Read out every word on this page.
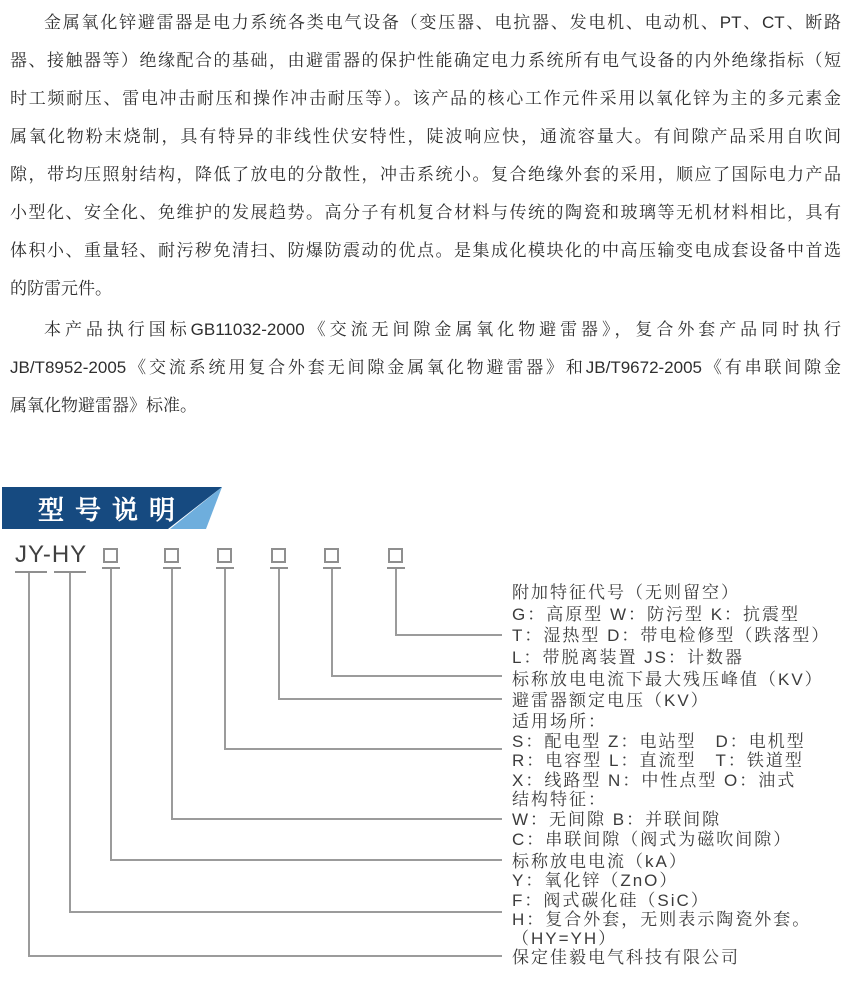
金属氧化锌避雷器是电力系统各类电气设备（变压器、电抗器、发电机、电动机、PT、CT、断路
器、接触器等）绝缘配合的基础，由避雷器的保护性能确定电力系统所有电气设备的内外绝缘指标（短
时工频耐压、雷电冲击耐压和操作冲击耐压等）。该产品的核心工作元件采用以氧化锌为主的多元素金
属氧化物粉末烧制，具有特异的非线性伏安特性，陡波响应快，通流容量大。有间隙产品采用自吹间
隙，带均压照射结构，降低了放电的分散性，冲击系统小。复合绝缘外套的采用，顺应了国际电力产品
小型化、安全化、免维护的发展趋势。高分子有机复合材料与传统的陶瓷和玻璃等无机材料相比，具有
体积小、重量轻、耐污秽免清扫、防爆防震动的优点。是集成化模块化的中高压输变电成套设备中首选
的防雷元件。
本产品执行国标GB11032-2000《交流无间隙金属氧化物避雷器》，复合外套产品同时执行
JB/T8952-2005《交流系统用复合外套无间隙金属氧化物避雷器》和JB/T9672-2005《有串联间隙金
属氧化物避雷器》标准。
型号说明
JY-HY
附加特征代号（无则留空）
G：高原型 W：防污型 K：抗震型
T：湿热型 D：带电检修型（跌落型）
L：带脱离装置 JS：计数器
标称放电电流下最大残压峰值（KV）
避雷器额定电压（KV）
适用场所：
S：配电型 Z：电站型　D：电机型
R：电容型 L：直流型　T：铁道型
X：线路型 N：中性点型 O：油式
结构特征：
W：无间隙 B：并联间隙
C：串联间隙（阀式为磁吹间隙）
标称放电电流（kA）
Y：氧化锌（ZnO）
F：阀式碳化硅（SiC）
H：复合外套，无则表示陶瓷外套。
（HY=YH）
保定佳毅电气科技有限公司
